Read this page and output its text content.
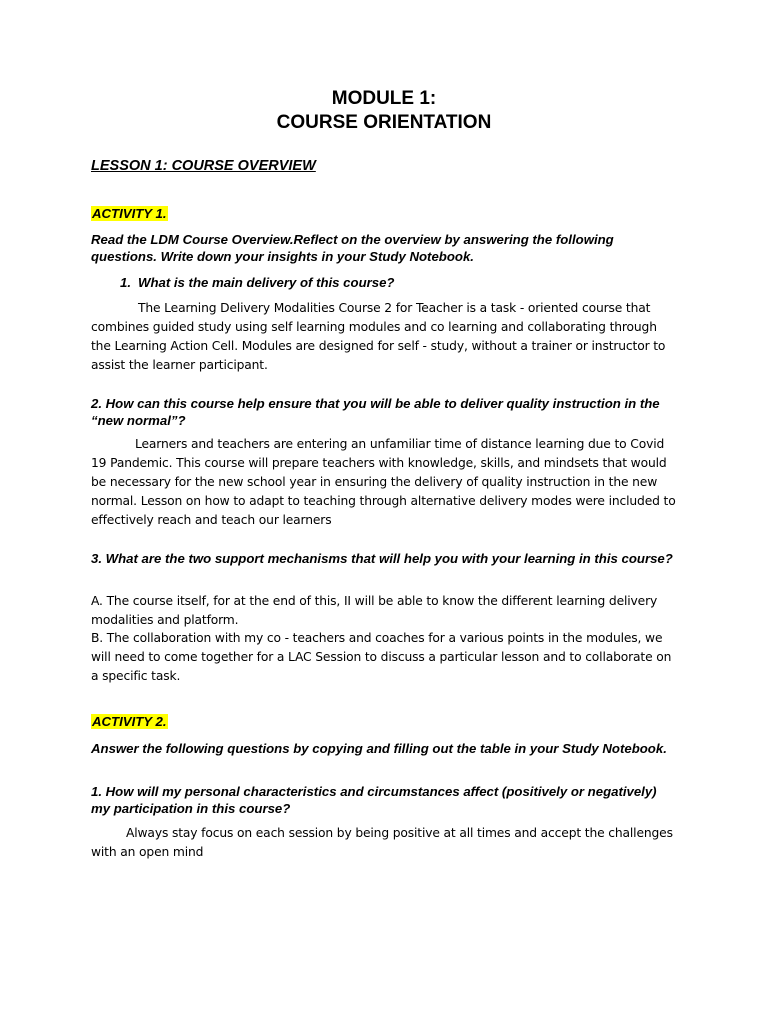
MODULE 1:
COURSE ORIENTATION
LESSON 1: COURSE OVERVIEW
ACTIVITY 1.

Read the LDM Course Overview.Reflect on the overview by answering the following questions. Write down your insights in your Study Notebook.

1. What is the main delivery of this course?

The Learning Delivery Modalities Course 2 for Teacher is a task - oriented course that combines guided study using self learning modules and co learning and collaborating through the Learning Action Cell. Modules are designed for self - study, without a trainer or instructor to assist the learner participant.

2. How can this course help ensure that you will be able to deliver quality instruction in the “new normal”?

Learners and teachers are entering an unfamiliar time of distance learning due to Covid 19 Pandemic. This course will prepare teachers with knowledge, skills, and mindsets that would be necessary for the new school year in ensuring the delivery of quality instruction in the new normal. Lesson on how to adapt to teaching through alternative delivery modes were included to effectively reach and teach our learners

3. What are the two support mechanisms that will help you with your learning in this course?

A. The course itself, for at the end of this, II will be able to know the different learning delivery modalities and platform.

B. The collaboration with my co - teachers and coaches for a various points in the modules, we will need to come together for a LAC Session to discuss a particular lesson and to collaborate on a specific task.

ACTIVITY 2.

Answer the following questions by copying and filling out the table in your Study Notebook.

1. How will my personal characteristics and circumstances affect (positively or negatively) my participation in this course?

Always stay focus on each session by being positive at all times and accept the challenges with an open mind
